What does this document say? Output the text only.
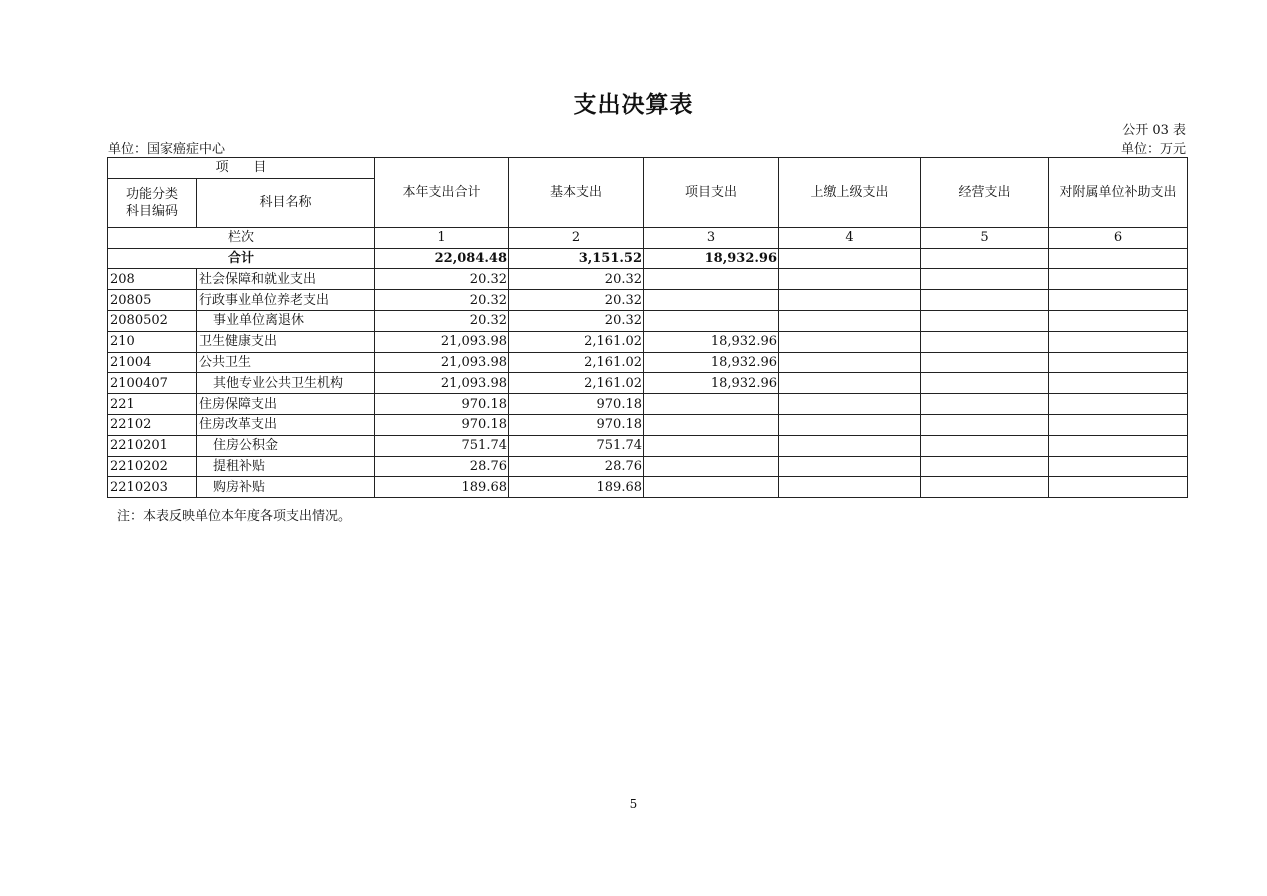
支出决算表
公开 03 表
单位：国家癌症中心	单位：万元
项      目		本年支出合计	基本支出	项目支出	上缴上级支出	经营支出	对附属单位补助支出
功能分类
科目编码	科目名称						
栏次		1	2	3	4	5	6
合计		22,084.48	3,151.52	18,932.96			
208	社会保障和就业支出	20.32	20.32				
20805	行政事业单位养老支出	20.32	20.32				
2080502	事业单位离退休	20.32	20.32				
210	卫生健康支出	21,093.98	2,161.02	18,932.96			
21004	公共卫生	21,093.98	2,161.02	18,932.96			
2100407	其他专业公共卫生机构	21,093.98	2,161.02	18,932.96			
221	住房保障支出	970.18	970.18				
22102	住房改革支出	970.18	970.18				
2210201	住房公积金	751.74	751.74				
2210202	提租补贴	28.76	28.76				
2210203	购房补贴	189.68	189.68				
注：本表反映单位本年度各项支出情况。
5
